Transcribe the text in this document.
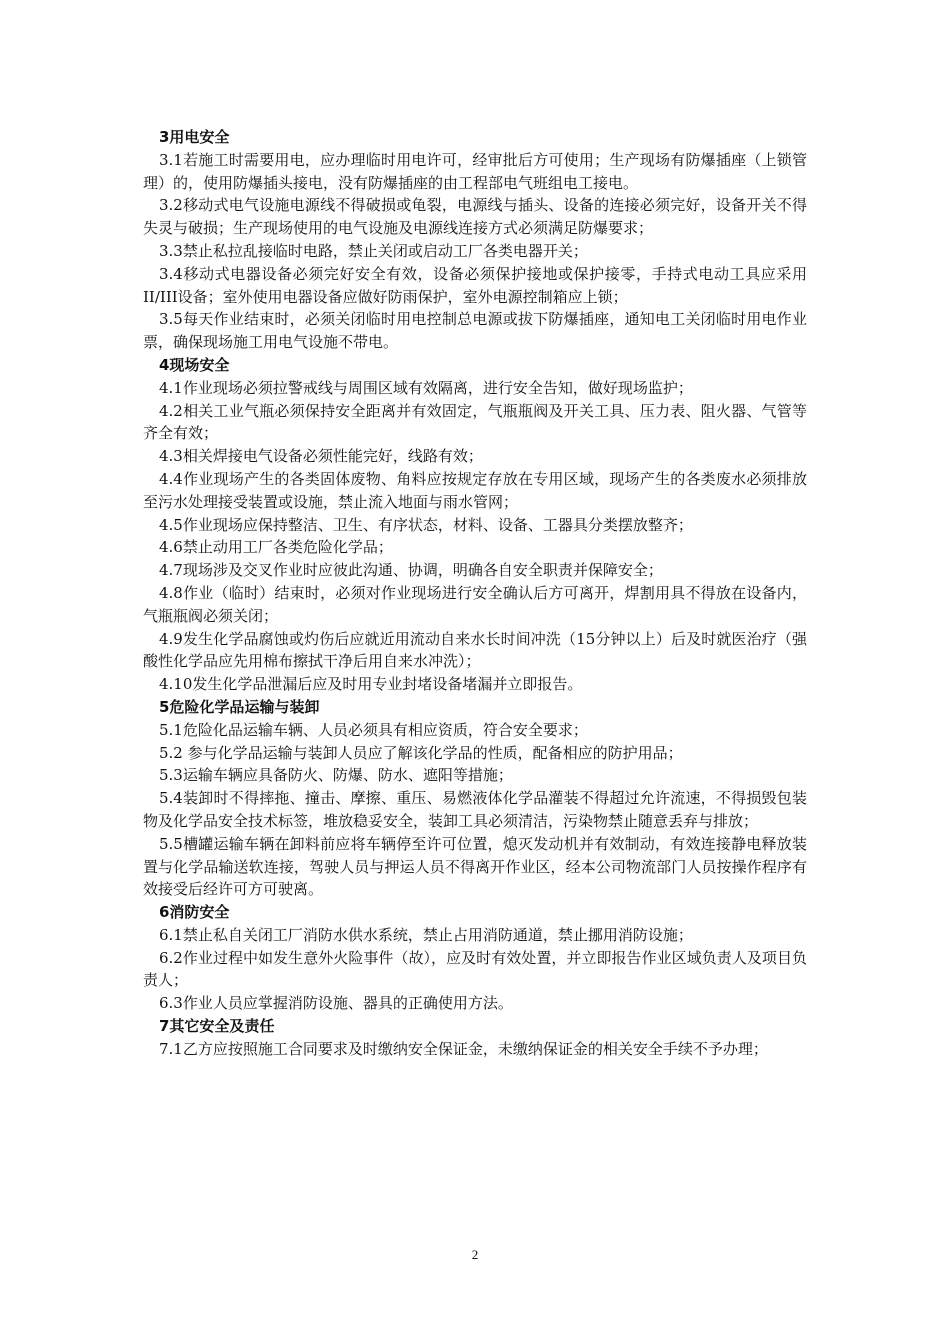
3用电安全

3.1若施工时需要用电，应办理临时用电许可，经审批后方可使用；生产现场有防爆插座（上锁管理）的，使用防爆插头接电，没有防爆插座的由工程部电气班组电工接电。

3.2移动式电气设施电源线不得破损或龟裂，电源线与插头、设备的连接必须完好，设备开关不得失灵与破损；生产现场使用的电气设施及电源线连接方式必须满足防爆要求；

3.3禁止私拉乱接临时电路，禁止关闭或启动工厂各类电器开关；

3.4移动式电器设备必须完好安全有效，设备必须保护接地或保护接零，手持式电动工具应采用II/III设备；室外使用电器设备应做好防雨保护，室外电源控制箱应上锁；

3.5每天作业结束时，必须关闭临时用电控制总电源或拔下防爆插座，通知电工关闭临时用电作业票，确保现场施工用电气设施不带电。

4现场安全

4.1作业现场必须拉警戒线与周围区域有效隔离，进行安全告知，做好现场监护；

4.2相关工业气瓶必须保持安全距离并有效固定，气瓶瓶阀及开关工具、压力表、阻火器、气管等齐全有效；

4.3相关焊接电气设备必须性能完好，线路有效；

4.4作业现场产生的各类固体废物、角料应按规定存放在专用区域，现场产生的各类废水必须排放至污水处理接受装置或设施，禁止流入地面与雨水管网；

4.5作业现场应保持整洁、卫生、有序状态，材料、设备、工器具分类摆放整齐；

4.6禁止动用工厂各类危险化学品；

4.7现场涉及交叉作业时应彼此沟通、协调，明确各自安全职责并保障安全；

4.8作业（临时）结束时，必须对作业现场进行安全确认后方可离开，焊割用具不得放在设备内，气瓶瓶阀必须关闭；

4.9发生化学品腐蚀或灼伤后应就近用流动自来水长时间冲洗（15分钟以上）后及时就医治疗（强酸性化学品应先用棉布擦拭干净后用自来水冲洗）；

4.10发生化学品泄漏后应及时用专业封堵设备堵漏并立即报告。

5危险化学品运输与装卸

5.1危险化品运输车辆、人员必须具有相应资质，符合安全要求；

5.2 参与化学品运输与装卸人员应了解该化学品的性质，配备相应的防护用品；

5.3运输车辆应具备防火、防爆、防水、遮阳等措施；

5.4装卸时不得摔拖、撞击、摩擦、重压、易燃液体化学品灌装不得超过允许流速，不得损毁包装物及化学品安全技术标签，堆放稳妥安全，装卸工具必须清洁，污染物禁止随意丢弃与排放；

5.5槽罐运输车辆在卸料前应将车辆停至许可位置，熄灭发动机并有效制动，有效连接静电释放装置与化学品输送软连接，驾驶人员与押运人员不得离开作业区，经本公司物流部门人员按操作程序有效接受后经许可方可驶离。

6消防安全

6.1禁止私自关闭工厂消防水供水系统，禁止占用消防通道，禁止挪用消防设施；

6.2作业过程中如发生意外火险事件（故），应及时有效处置，并立即报告作业区域负责人及项目负责人；

6.3作业人员应掌握消防设施、器具的正确使用方法。

7其它安全及责任

7.1乙方应按照施工合同要求及时缴纳安全保证金，未缴纳保证金的相关安全手续不予办理；

2
